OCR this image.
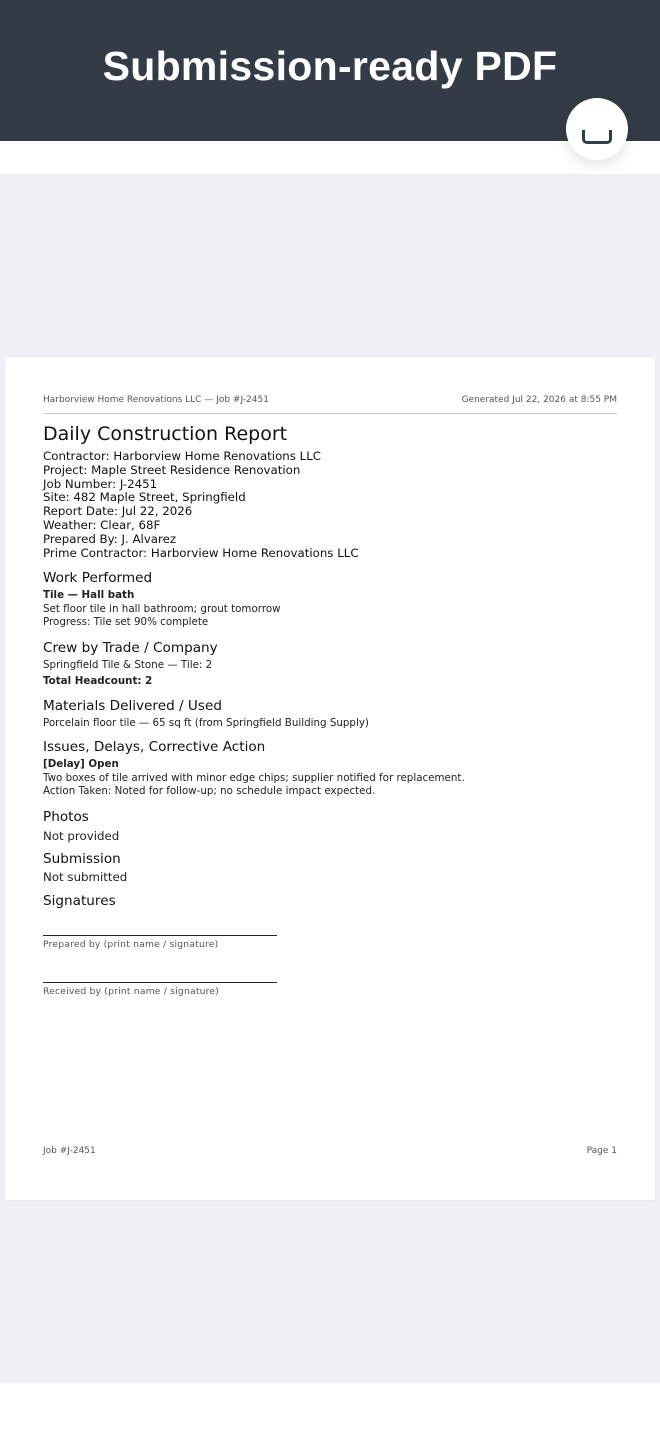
Submission-ready PDF
Harborview Home Renovations LLC — Job #J-2451	Generated Jul 22, 2026 at 8:55 PM
Daily Construction Report
Contractor: Harborview Home Renovations LLC
Project: Maple Street Residence Renovation
Job Number: J-2451
Site: 482 Maple Street, Springfield
Report Date: Jul 22, 2026
Weather: Clear, 68F
Prepared By: J. Alvarez
Prime Contractor: Harborview Home Renovations LLC
Work Performed
Tile — Hall bath
Set floor tile in hall bathroom; grout tomorrow
Progress: Tile set 90% complete
Crew by Trade / Company
Springfield Tile & Stone — Tile: 2
Total Headcount: 2
Materials Delivered / Used
Porcelain floor tile — 65 sq ft (from Springfield Building Supply)
Issues, Delays, Corrective Action
[Delay] Open
Two boxes of tile arrived with minor edge chips; supplier notified for replacement.
Action Taken: Noted for follow-up; no schedule impact expected.
Photos
Not provided
Submission
Not submitted
Signatures
Prepared by (print name / signature)
Received by (print name / signature)
Job #J-2451	Page 1
